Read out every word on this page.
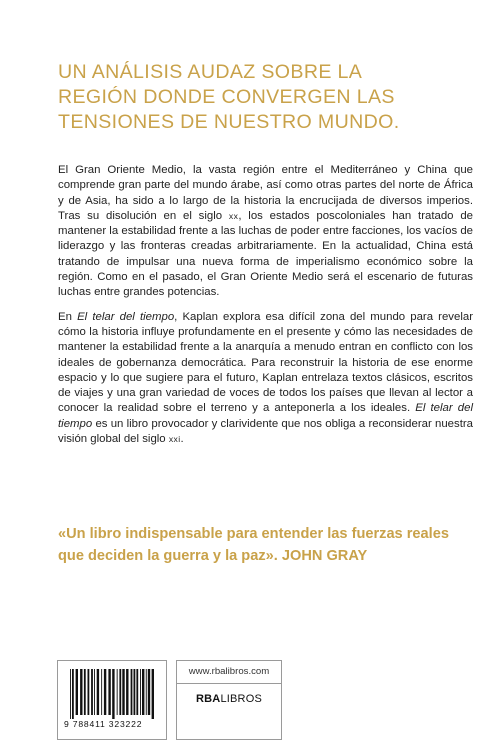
UN ANÁLISIS AUDAZ SOBRE LA
REGIÓN DONDE CONVERGEN LAS
TENSIONES DE NUESTRO MUNDO.

El Gran Oriente Medio, la vasta región entre el Mediterráneo y China que comprende gran parte del mundo árabe, así como otras partes del norte de África y de Asia, ha sido a lo largo de la historia la encrucijada de diversos imperios. Tras su disolución en el siglo xx, los estados poscoloniales han tratado de mantener la estabilidad frente a las luchas de poder entre facciones, los vacíos de liderazgo y las fronteras creadas arbitrariamente. En la actualidad, China está tratando de impulsar una nueva forma de imperialismo económico sobre la región. Como en el pasado, el Gran Oriente Medio será el escenario de futuras luchas entre grandes potencias.

En El telar del tiempo, Kaplan explora esa difícil zona del mundo para revelar cómo la historia influye profundamente en el presente y cómo las necesidades de mantener la estabilidad frente a la anarquía a menudo entran en conflicto con los ideales de gobernanza democrática. Para reconstruir la historia de ese enorme espacio y lo que sugiere para el futuro, Kaplan entrelaza textos clásicos, escritos de viajes y una gran variedad de voces de todos los países que llevan al lector a conocer la realidad sobre el terreno y a anteponerla a los ideales. El telar del tiempo es un libro provocador y clarividente que nos obliga a reconsiderar nuestra visión global del siglo xxi.

«Un libro indispensable para entender las fuerzas reales
que deciden la guerra y la paz». JOHN GRAY
9 788411 323222
www.rbalibros.com
RBALIBROS
